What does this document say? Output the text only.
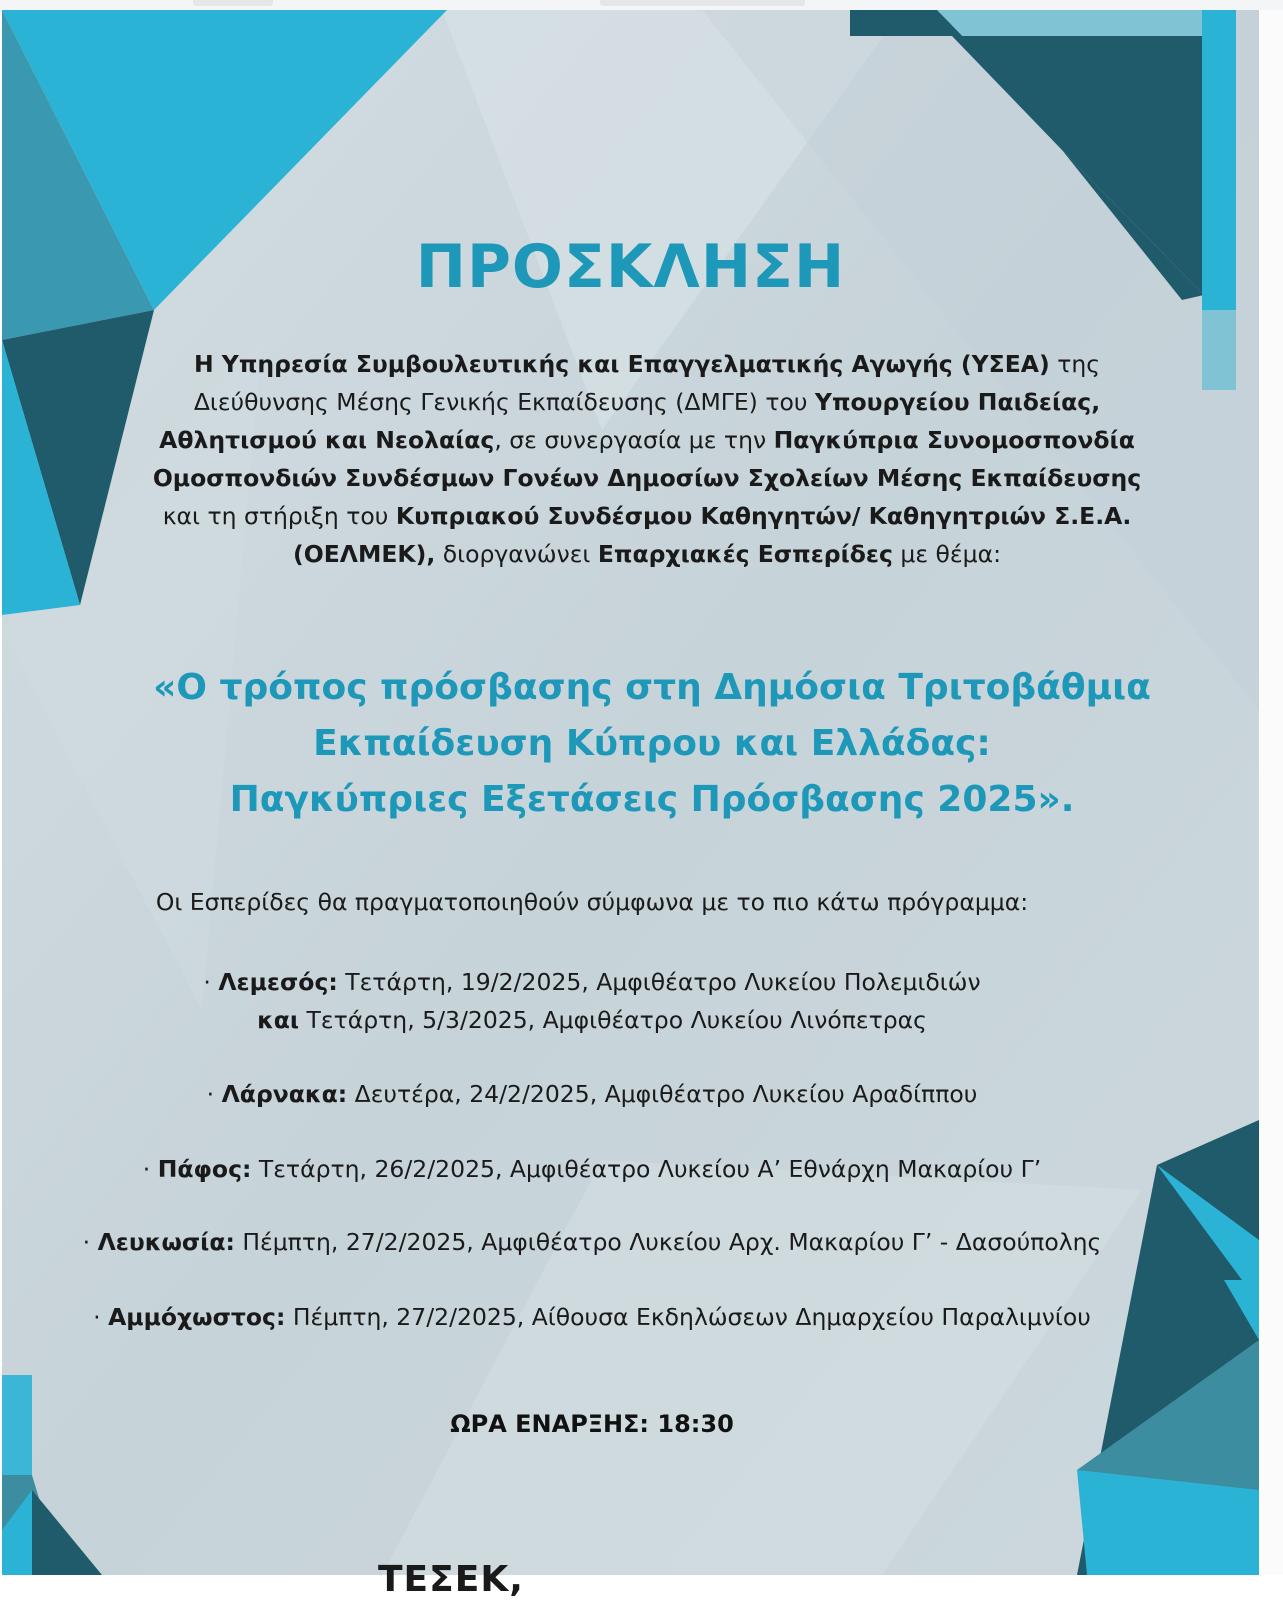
ΠΡΟΣΚΛΗΣΗ
Η Υπηρεσία Συμβουλευτικής και Επαγγελματικής Αγωγής (ΥΣΕΑ) της
Διεύθυνσης Μέσης Γενικής Εκπαίδευσης (ΔΜΓΕ) του Υπουργείου Παιδείας,
Αθλητισμού και Νεολαίας, σε συνεργασία με την Παγκύπρια Συνομοσπονδία
Ομοσπονδιών Συνδέσμων Γονέων Δημοσίων Σχολείων Μέσης Εκπαίδευσης
και τη στήριξη του Κυπριακού Συνδέσμου Καθηγητών/ Καθηγητριών Σ.Ε.Α.
(ΟΕΛΜΕΚ), διοργανώνει Επαρχιακές Εσπερίδες με θέμα:
«Ο τρόπος πρόσβασης στη Δημόσια Τριτοβάθμια
Εκπαίδευση Κύπρου και Ελλάδας:
Παγκύπριες Εξετάσεις Πρόσβασης 2025».
Οι Εσπερίδες θα πραγματοποιηθούν σύμφωνα με το πιο κάτω πρόγραμμα:
· Λεμεσός: Τετάρτη, 19/2/2025, Αμφιθέατρο Λυκείου Πολεμιδιών
και Τετάρτη, 5/3/2025, Αμφιθέατρο Λυκείου Λινόπετρας
· Λάρνακα: Δευτέρα, 24/2/2025, Αμφιθέατρο Λυκείου Αραδίππου
· Πάφος: Τετάρτη, 26/2/2025, Αμφιθέατρο Λυκείου Α’ Εθνάρχη Μακαρίου Γ’
· Λευκωσία: Πέμπτη, 27/2/2025, Αμφιθέατρο Λυκείου Αρχ. Μακαρίου Γ’ - Δασούπολης
· Αμμόχωστος: Πέμπτη, 27/2/2025, Αίθουσα Εκδηλώσεων Δημαρχείου Παραλιμνίου
ΩΡΑ ΕΝΑΡΞΗΣ: 18:30
ΤΕΣΕΚ,
